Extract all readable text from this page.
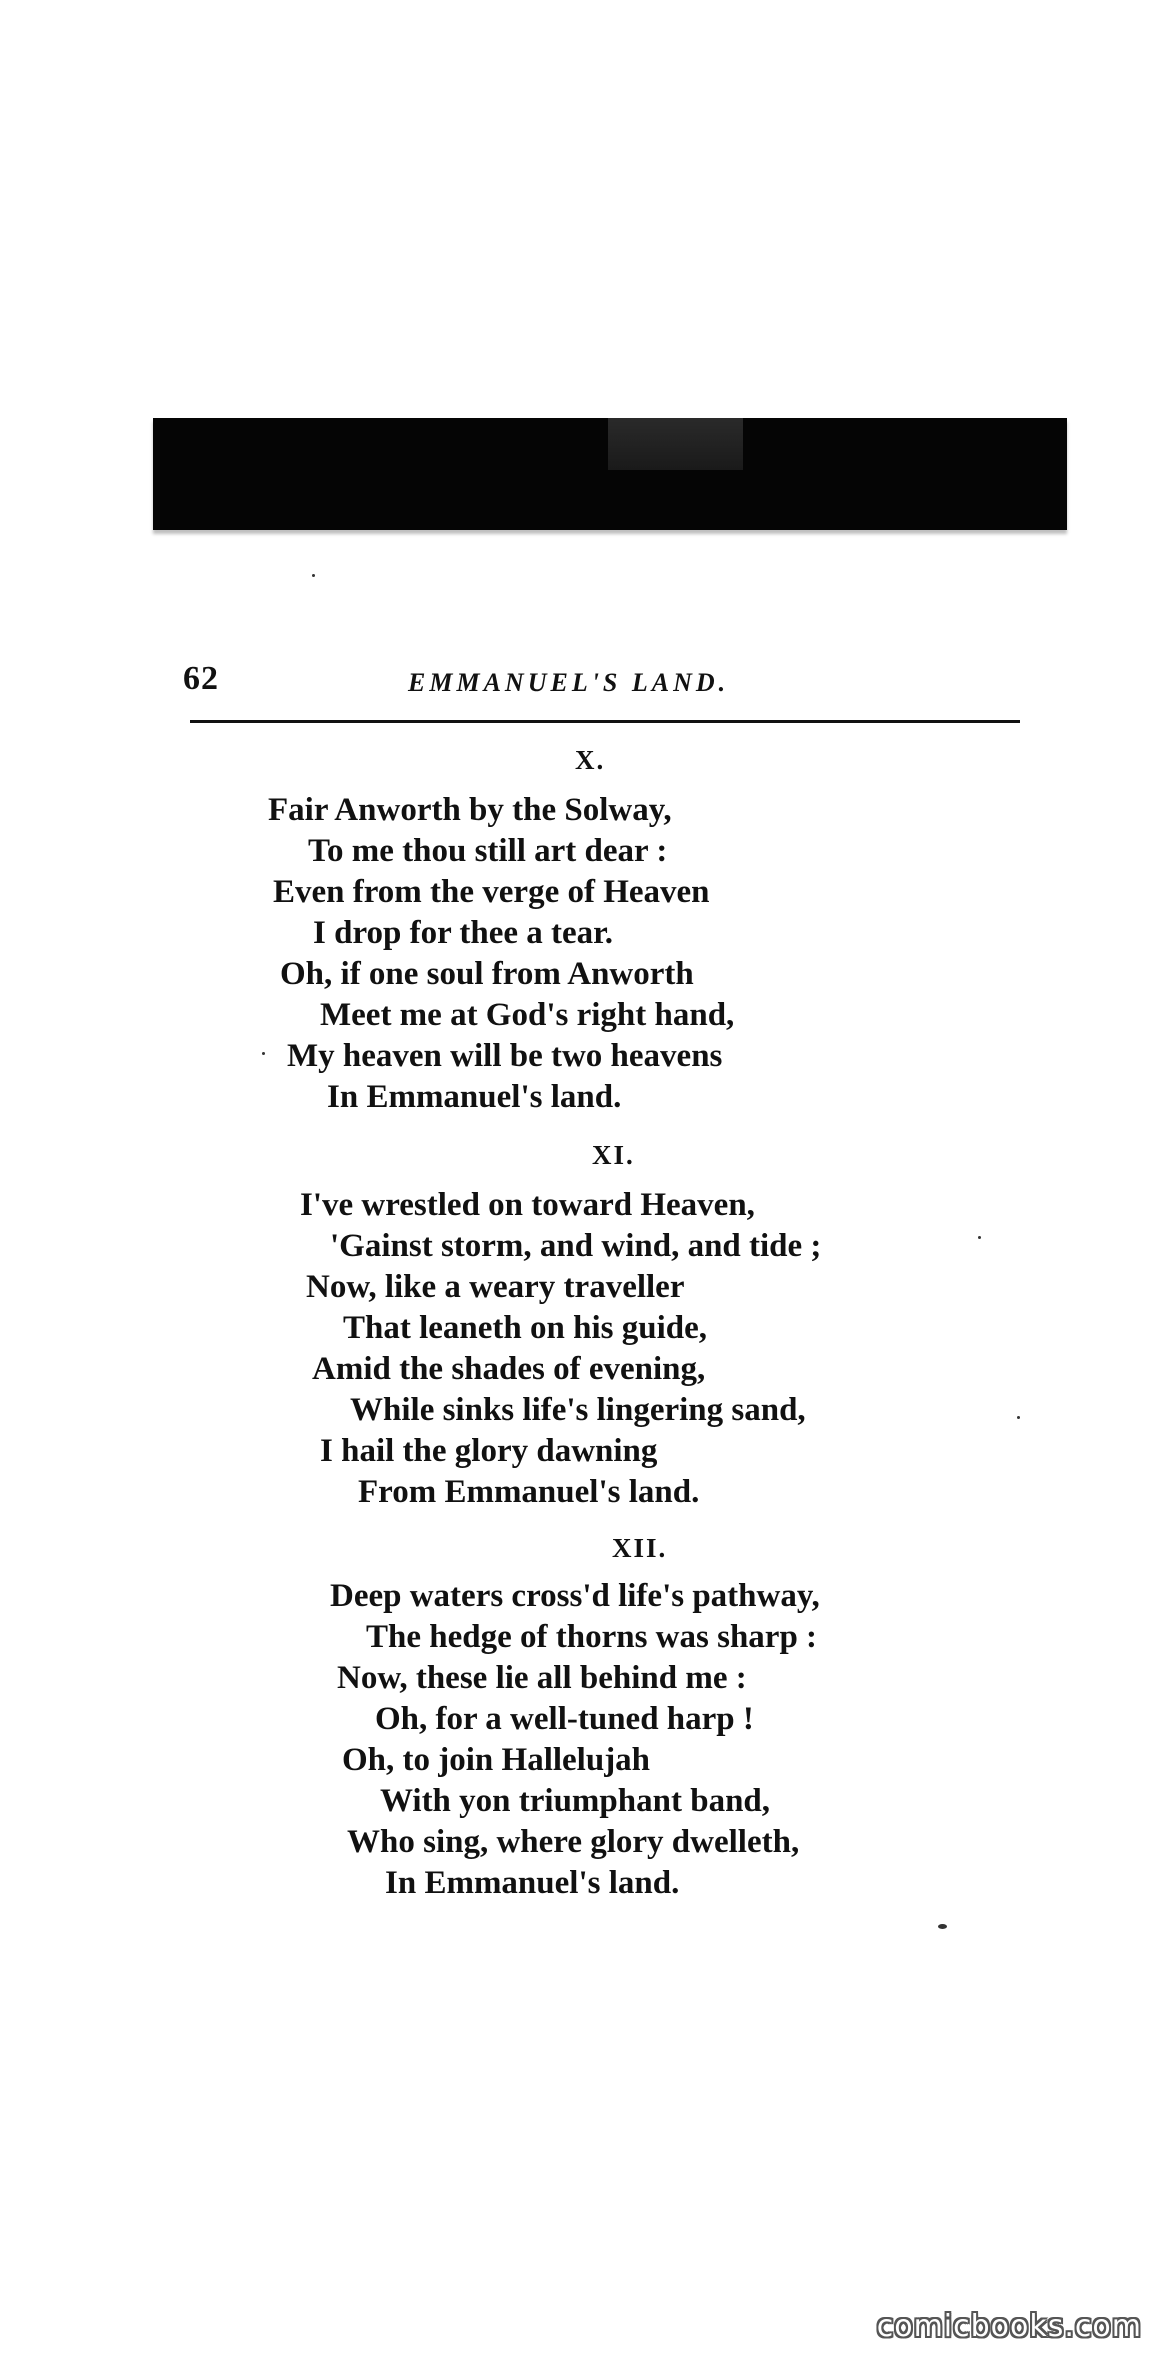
62	EMMANUEL'S LAND.
X.
Fair Anworth by the Solway,
To me thou still art dear :
Even from the verge of Heaven
I drop for thee a tear.
Oh, if one soul from Anworth
Meet me at God's right hand,
My heaven will be two heavens
In Emmanuel's land.
XI.
I've wrestled on toward Heaven,
'Gainst storm, and wind, and tide ;
Now, like a weary traveller
That leaneth on his guide,
Amid the shades of evening,
While sinks life's lingering sand,
I hail the glory dawning
From Emmanuel's land.
XII.
Deep waters cross'd life's pathway,
The hedge of thorns was sharp :
Now, these lie all behind me :
Oh, for a well-tuned harp !
Oh, to join Hallelujah
With yon triumphant band,
Who sing, where glory dwelleth,
In Emmanuel's land.
comicbooks.com
